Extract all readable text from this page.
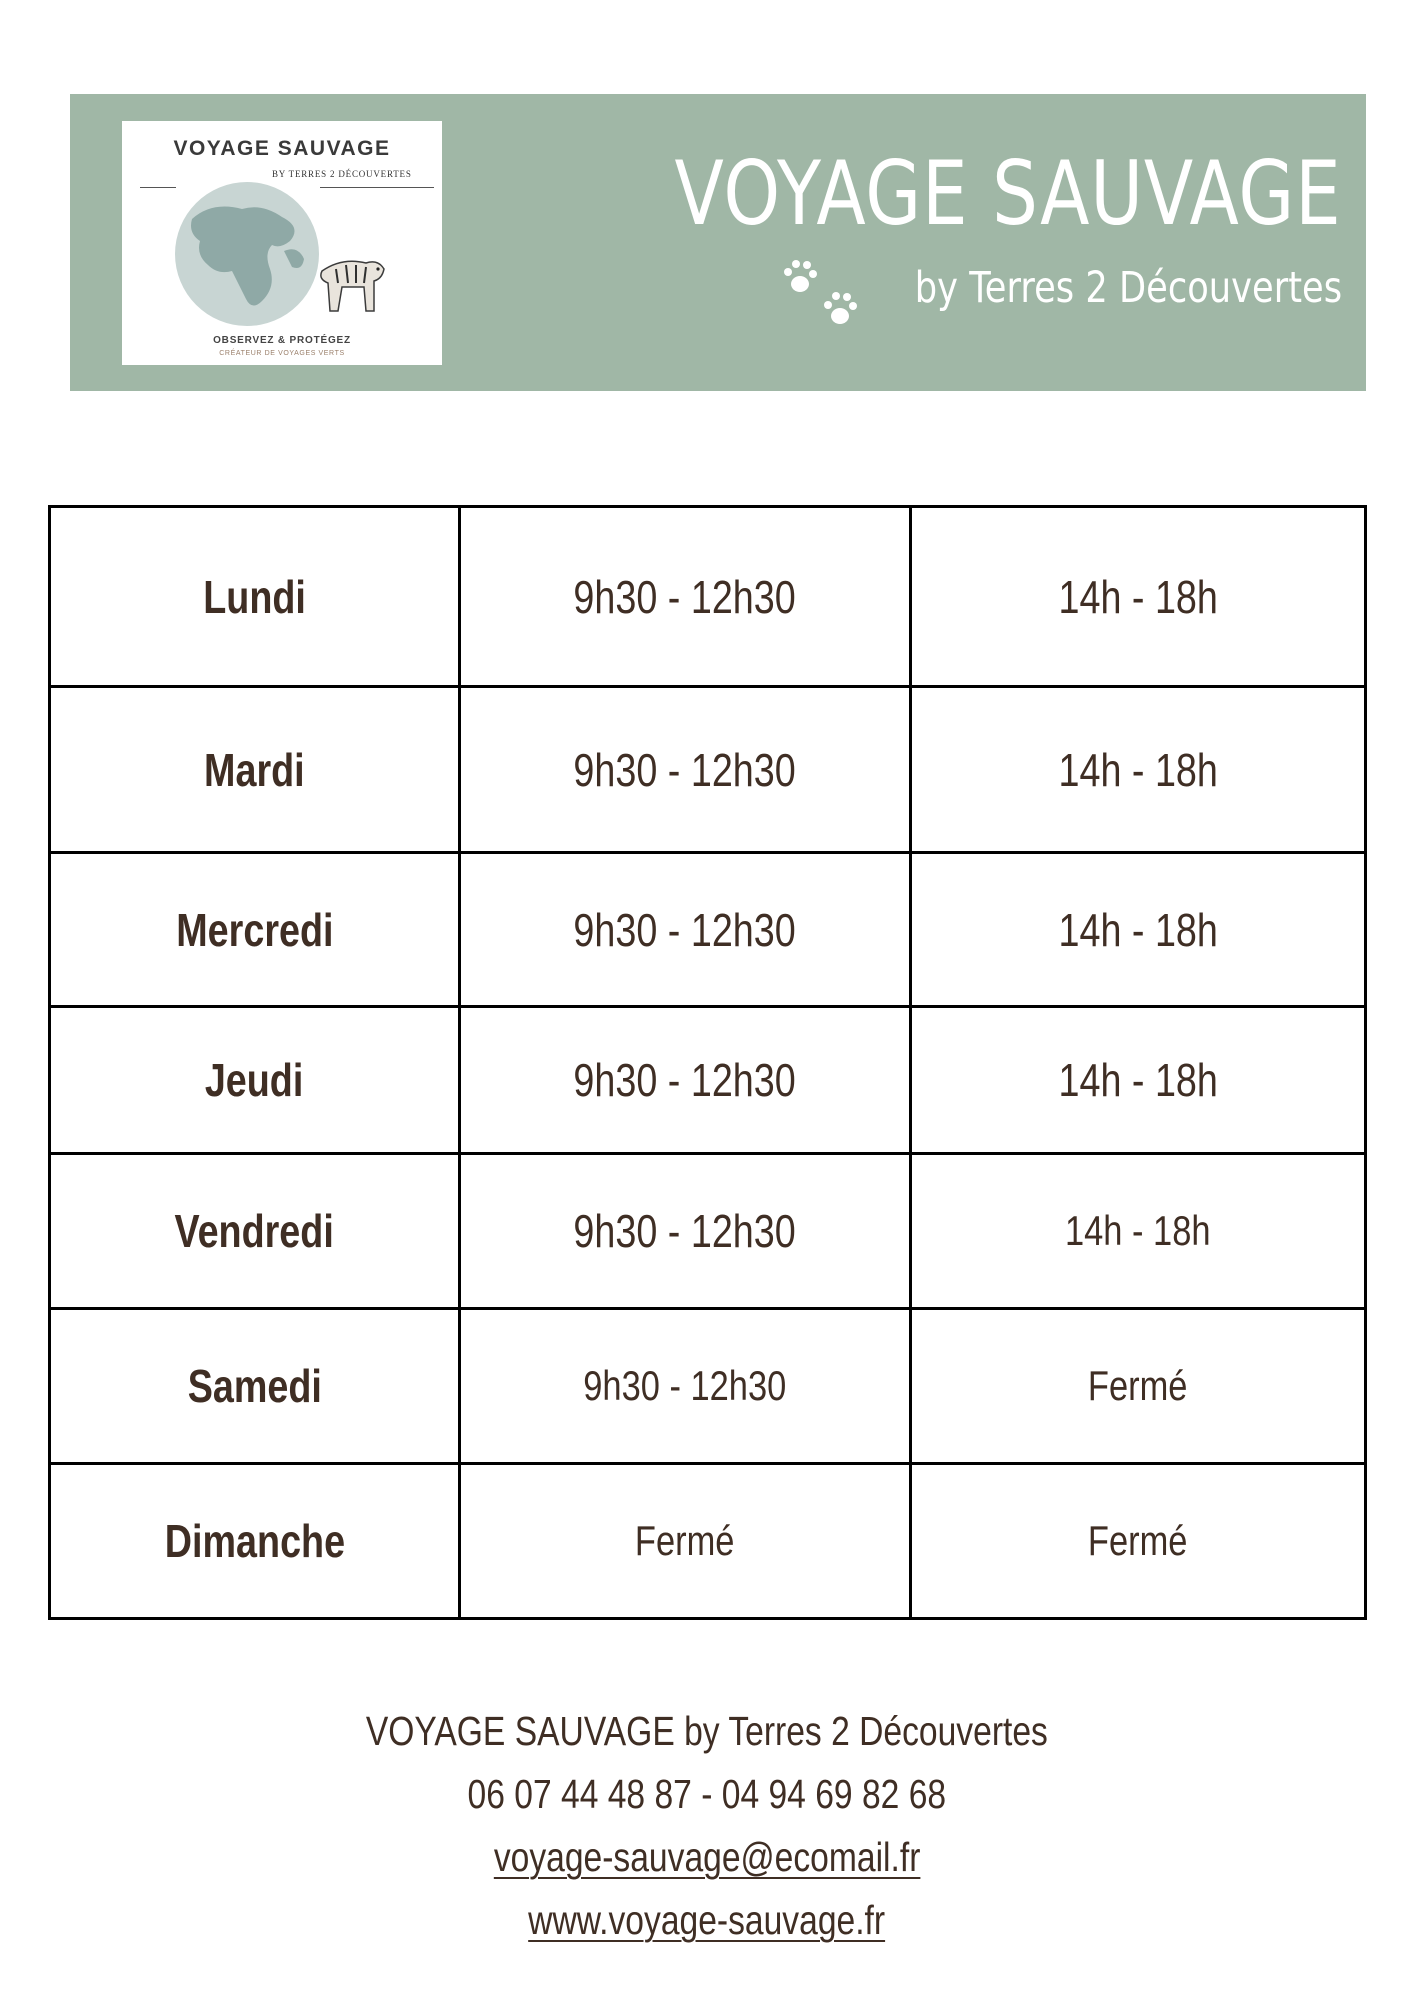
VOYAGE SAUVAGE
BY TERRES 2 DÉCOUVERTES
OBSERVEZ & PROTÉGEZ
CRÉATEUR DE VOYAGES VERTS
VOYAGE SAUVAGE
by Terres 2 Découvertes
Lundi	9h30 - 12h30	14h - 18h
Mardi	9h30 - 12h30	14h - 18h
Mercredi	9h30 - 12h30	14h - 18h
Jeudi	9h30 - 12h30	14h - 18h
Vendredi	9h30 - 12h30	14h - 18h
Samedi	9h30 - 12h30	Fermé
Dimanche	Fermé	Fermé
VOYAGE SAUVAGE by Terres 2 Découvertes
06 07 44 48 87 - 04 94 69 82 68
voyage-sauvage@ecomail.fr
www.voyage-sauvage.fr
